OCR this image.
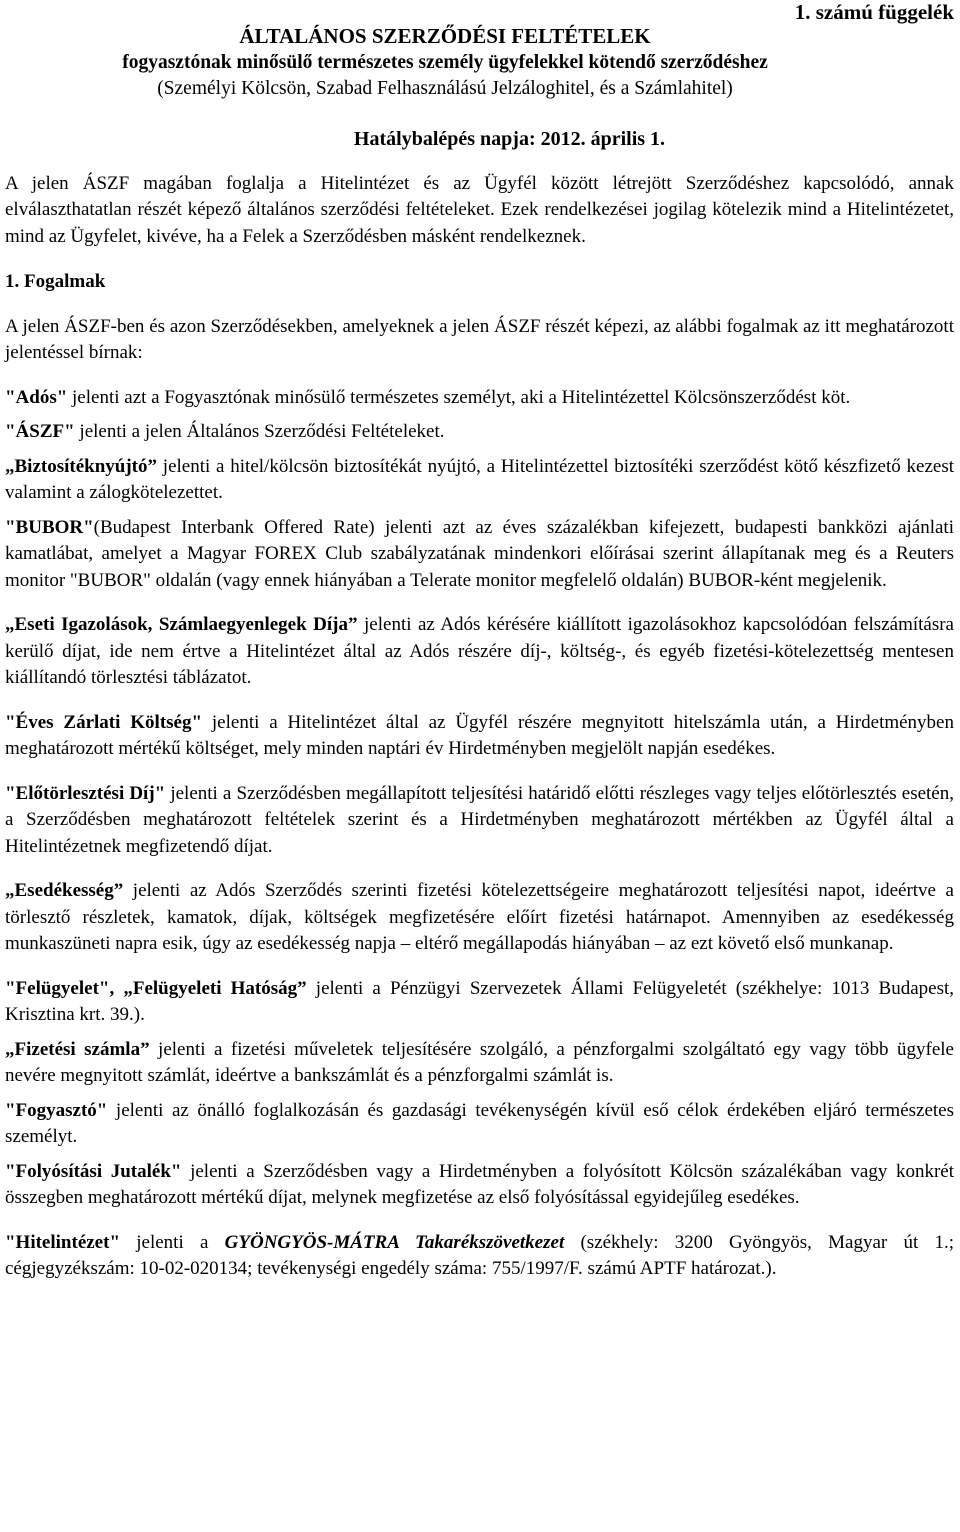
1. számú függelék
ÁLTALÁNOS SZERZŐDÉSI FELTÉTELEK
fogyasztónak minősülő természetes személy ügyfelekkel kötendő szerződéshez
(Személyi Kölcsön, Szabad Felhasználású Jelzáloghitel, és a Számlahitel)
Hatálybalépés napja: 2012. április 1.

A jelen ÁSZF magában foglalja a Hitelintézet és az Ügyfél között létrejött Szerződéshez kapcsolódó, annak elválaszthatatlan részét képező általános szerződési feltételeket. Ezek rendelkezései jogilag kötelezik mind a Hitelintézetet, mind az Ügyfelet, kivéve, ha a Felek a Szerződésben másként rendelkeznek.

1. Fogalmak

A jelen ÁSZF-ben és azon Szerződésekben, amelyeknek a jelen ÁSZF részét képezi, az alábbi fogalmak az itt meghatározott jelentéssel bírnak:

"Adós" jelenti azt a Fogyasztónak minősülő természetes személyt, aki a Hitelintézettel Kölcsönszerződést köt.

"ÁSZF" jelenti a jelen Általános Szerződési Feltételeket.

„Biztosítéknyújtó” jelenti a hitel/kölcsön biztosítékát nyújtó, a Hitelintézettel biztosítéki szerződést kötő készfizető kezest valamint a zálogkötelezettet.

"BUBOR"(Budapest Interbank Offered Rate) jelenti azt az éves százalékban kifejezett, budapesti bankközi ajánlati kamatlábat, amelyet a Magyar FOREX Club szabályzatának mindenkori előírásai szerint állapítanak meg és a Reuters monitor "BUBOR" oldalán (vagy ennek hiányában a Telerate monitor megfelelő oldalán) BUBOR-ként megjelenik.

„Eseti Igazolások, Számlaegyenlegek Díja” jelenti az Adós kérésére kiállított igazolásokhoz kapcsolódóan felszámításra kerülő díjat, ide nem értve a Hitelintézet által az Adós részére díj-, költség-, és egyéb fizetési-kötelezettség mentesen kiállítandó törlesztési táblázatot.

"Éves Zárlati Költség" jelenti a Hitelintézet által az Ügyfél részére megnyitott hitelszámla után, a Hirdetményben meghatározott mértékű költséget, mely minden naptári év Hirdetményben megjelölt napján esedékes.

"Előtörlesztési Díj" jelenti a Szerződésben megállapított teljesítési határidő előtti részleges vagy teljes előtörlesztés esetén, a Szerződésben meghatározott feltételek szerint és a Hirdetményben meghatározott mértékben az Ügyfél által a Hitelintézetnek megfizetendő díjat.

„Esedékesség” jelenti az Adós Szerződés szerinti fizetési kötelezettségeire meghatározott teljesítési napot, ideértve a törlesztő részletek, kamatok, díjak, költségek megfizetésére előírt fizetési határnapot. Amennyiben az esedékesség munkaszüneti napra esik, úgy az esedékesség napja – eltérő megállapodás hiányában – az ezt követő első munkanap.

"Felügyelet", „Felügyeleti Hatóság” jelenti a Pénzügyi Szervezetek Állami Felügyeletét (székhelye: 1013 Budapest, Krisztina krt. 39.).

„Fizetési számla” jelenti a fizetési műveletek teljesítésére szolgáló, a pénzforgalmi szolgáltató egy vagy több ügyfele nevére megnyitott számlát, ideértve a bankszámlát és a pénzforgalmi számlát is.

"Fogyasztó" jelenti az önálló foglalkozásán és gazdasági tevékenységén kívül eső célok érdekében eljáró természetes személyt.

"Folyósítási Jutalék" jelenti a Szerződésben vagy a Hirdetményben a folyósított Kölcsön százalékában vagy konkrét összegben meghatározott mértékű díjat, melynek megfizetése az első folyósítással egyidejűleg esedékes.

"Hitelintézet" jelenti a GYÖNGYÖS-MÁTRA Takarékszövetkezet (székhely: 3200 Gyöngyös, Magyar út 1.; cégjegyzékszám: 10-02-020134; tevékenységi engedély száma: 755/1997/F. számú APTF határozat.).
